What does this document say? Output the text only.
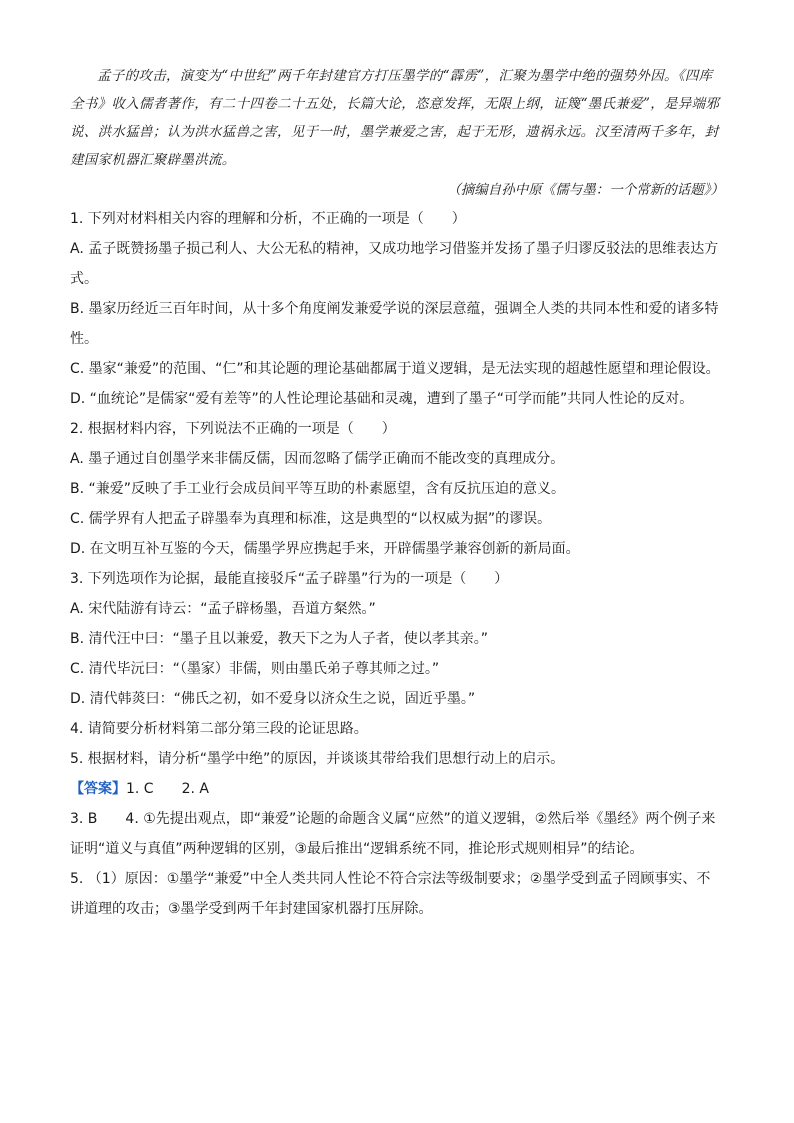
孟子的攻击，演变为“中世纪”两千年封建官方打压墨学的“霹雳”，汇聚为墨学中绝的强势外因。《四库全书》收入儒者著作，有二十四卷二十五处，长篇大论，恣意发挥，无限上纲，证篾“墨氏兼爱”，是异端邪说、洪水猛兽；认为洪水猛兽之害，见于一时，墨学兼爱之害，起于无形，遗祸永远。汉至清两千多年，封建国家机器汇聚辟墨洪流。

（摘编自孙中原《儒与墨：一个常新的话题》）

1. 下列对材料相关内容的理解和分析，不正确的一项是（　　）

A. 孟子既赞扬墨子损己利人、大公无私的精神，又成功地学习借鉴并发扬了墨子归谬反驳法的思维表达方式。

B. 墨家历经近三百年时间，从十多个角度阐发兼爱学说的深层意蕴，强调全人类的共同本性和爱的诸多特性。

C. 墨家“兼爱”的范围、“仁”和其论题的理论基础都属于道义逻辑，是无法实现的超越性愿望和理论假设。

D. “血统论”是儒家“爱有差等”的人性论理论基础和灵魂，遭到了墨子“可学而能”共同人性论的反对。

2. 根据材料内容，下列说法不正确的一项是（　　）

A. 墨子通过自创墨学来非儒反儒，因而忽略了儒学正确而不能改变的真理成分。

B. “兼爱”反映了手工业行会成员间平等互助的朴素愿望，含有反抗压迫的意义。

C. 儒学界有人把孟子辟墨奉为真理和标准，这是典型的“以权威为据”的谬误。

D. 在文明互补互鉴的今天，儒墨学界应携起手来，开辟儒墨学兼容创新的新局面。

3. 下列选项作为论据，最能直接驳斥“孟子辟墨”行为的一项是（　　）

A. 宋代陆游有诗云：“孟子辟杨墨，吾道方粲然。”

B. 清代汪中曰：“墨子且以兼爱，教天下之为人子者，使以孝其亲。”

C. 清代毕沅曰：“（墨家）非儒，则由墨氏弟子尊其师之过。”

D. 清代韩菼曰：“佛氏之初，如不爱身以济众生之说，固近乎墨。”

4. 请简要分析材料第二部分第三段的论证思路。

5. 根据材料，请分析“墨学中绝”的原因，并谈谈其带给我们思想行动上的启示。

【答案】1. C　　2. A

3. B　　4. ①先提出观点，即“兼爱”论题的命题含义属“应然”的道义逻辑，②然后举《墨经》两个例子来证明“道义与真值”两种逻辑的区别，③最后推出“逻辑系统不同，推论形式规则相异”的结论。

5. （1）原因：①墨学“兼爱”中全人类共同人性论不符合宗法等级制要求；②墨学受到孟子罔顾事实、不讲道理的攻击；③墨学受到两千年封建国家机器打压屏除。
